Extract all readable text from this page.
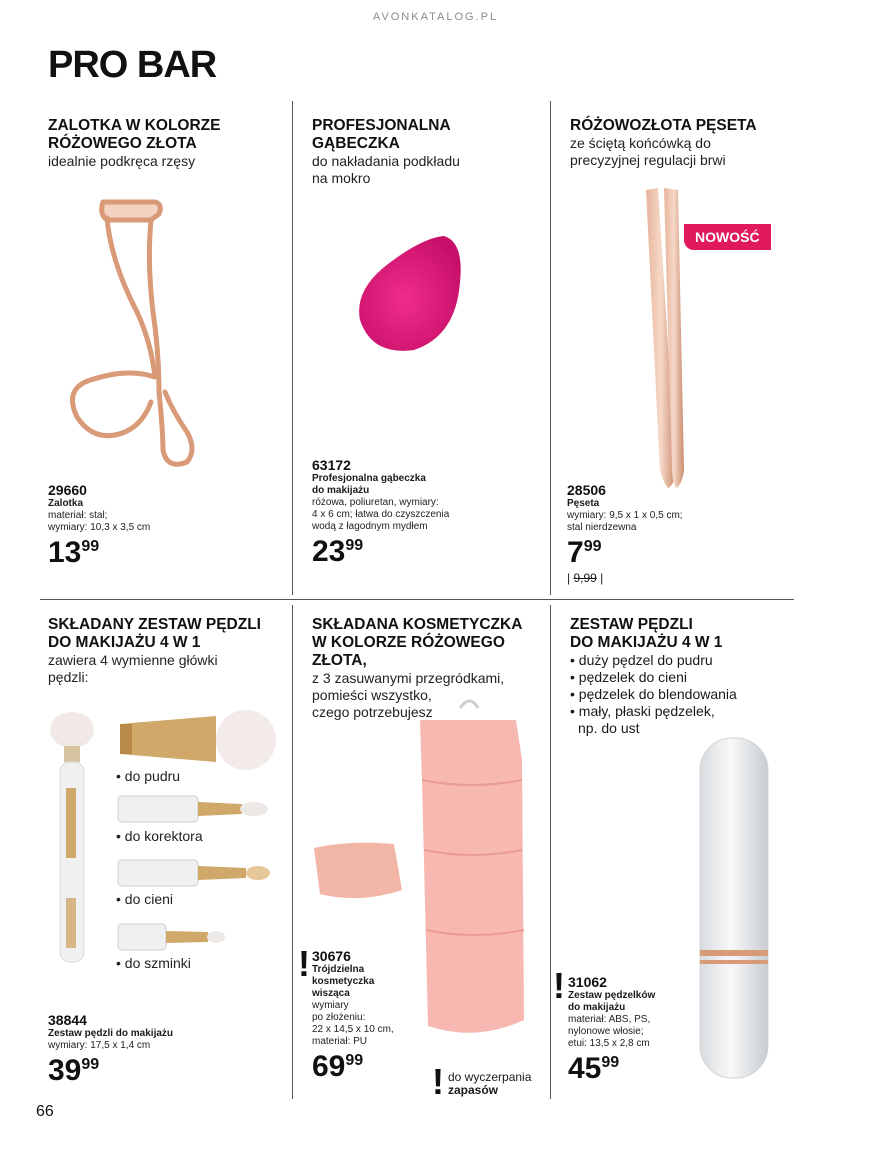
AVONKATALOG.PL
PRO BAR
ZALOTKA W KOLORZE
RÓŻOWEGO ZŁOTA
idealnie podkręca rzęsy
29660
Zalotka
materiał: stal;
wymiary: 10,3 x 3,5 cm
1399
PROFESJONALNA
GĄBECZKA
do nakładania podkładu
na mokro
63172
Profesjonalna gąbeczka
do makijażu
różowa, poliuretan, wymiary:
4 x 6 cm; łatwa do czyszczenia
wodą z łagodnym mydłem
2399
RÓŻOWOZŁOTA PĘSETA
ze ściętą końcówką do
precyzyjnej regulacji brwi
NOWOŚĆ
28506
Pęseta
wymiary: 9,5 x 1 x 0,5 cm;
stal nierdzewna
799
| 9,99 |
SKŁADANY ZESTAW PĘDZLI
DO MAKIJAŻU 4 W 1
zawiera 4 wymienne główki
pędzli:
• do pudru
• do korektora
• do cieni
• do szminki
38844
Zestaw pędzli do makijażu
wymiary: 17,5 x 1,4 cm
3999
SKŁADANA KOSMETYCZKA
W KOLORZE RÓŻOWEGO
ZŁOTA,
z 3 zasuwanymi przegródkami,
pomieści wszystko,
czego potrzebujesz
! 30676
Trójdzielna
kosmetyczka
wisząca
wymiary
po złożeniu:
22 x 14,5 x 10 cm,
materiał: PU
6999
! do wyczerpania
zapasów
ZESTAW PĘDZLI
DO MAKIJAŻU 4 W 1
• duży pędzel do pudru
• pędzelek do cieni
• pędzelek do blendowania
• mały, płaski pędzelek,
np. do ust
! 31062
Zestaw pędzelków
do makijażu
materiał: ABS, PS,
nylonowe włosie;
etui: 13,5 x 2,8 cm
4599
66
